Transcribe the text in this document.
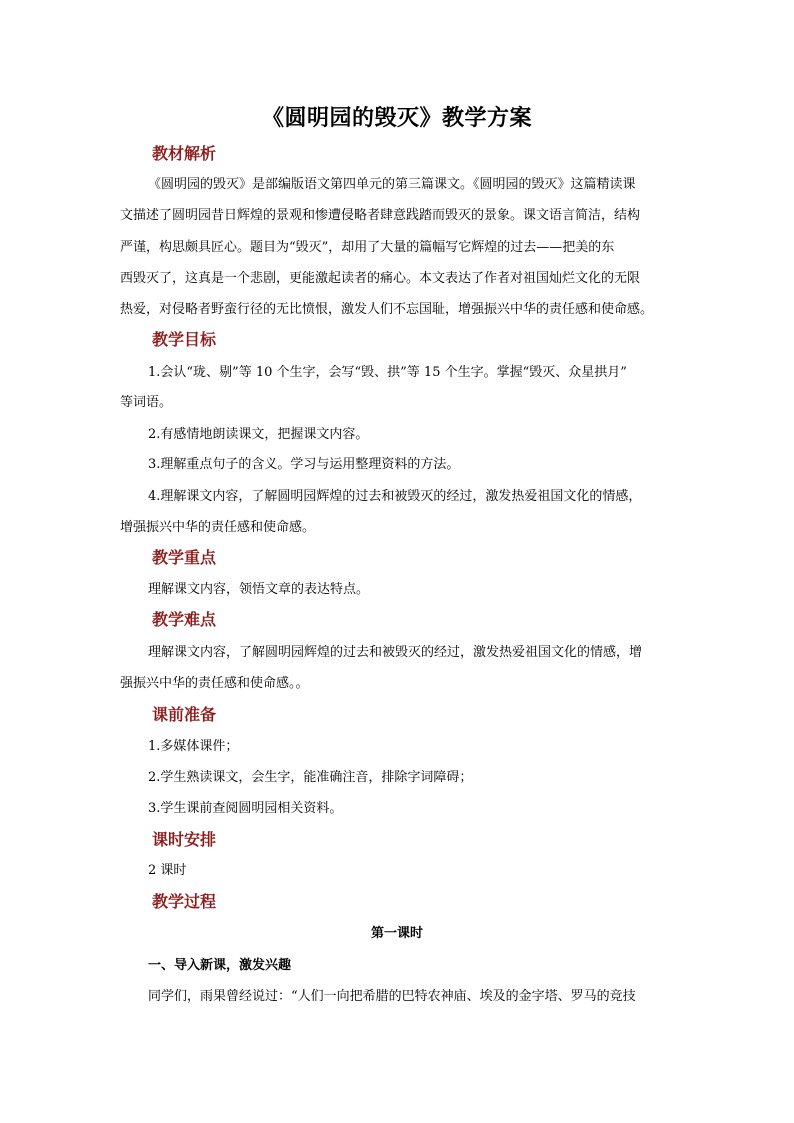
《圆明园的毁灭》教学方案
教材解析
《圆明园的毁灭》是部编版语文第四单元的第三篇课文。《圆明园的毁灭》这篇精读课
文描述了圆明园昔日辉煌的景观和惨遭侵略者肆意践踏而毁灭的景象。课文语言简洁，结构
严谨，构思颇具匠心。题目为“毁灭”，却用了大量的篇幅写它辉煌的过去——把美的东
西毁灭了，这真是一个悲剧，更能激起读者的痛心。本文表达了作者对祖国灿烂文化的无限
热爱，对侵略者野蛮行径的无比愤恨，激发人们不忘国耻，增强振兴中华的责任感和使命感。
教学目标
1.会认“珑、剔”等 10 个生字，会写“毁、拱”等 15 个生字。掌握“毁灭、众星拱月”
等词语。
2.有感情地朗读课文，把握课文内容。
3.理解重点句子的含义。学习与运用整理资料的方法。
4.理解课文内容，了解圆明园辉煌的过去和被毁灭的经过，激发热爱祖国文化的情感，
增强振兴中华的责任感和使命感。
教学重点
理解课文内容，领悟文章的表达特点。
教学难点
理解课文内容，了解圆明园辉煌的过去和被毁灭的经过，激发热爱祖国文化的情感，增
强振兴中华的责任感和使命感。。
课前准备
1.多媒体课件；
2.学生熟读课文，会生字，能准确注音，排除字词障碍；
3.学生课前查阅圆明园相关资料。
课时安排
2 课时
教学过程
第一课时
一、导入新课，激发兴趣
同学们，雨果曾经说过：“人们一向把希腊的巴特农神庙、埃及的金字塔、罗马的竞技
